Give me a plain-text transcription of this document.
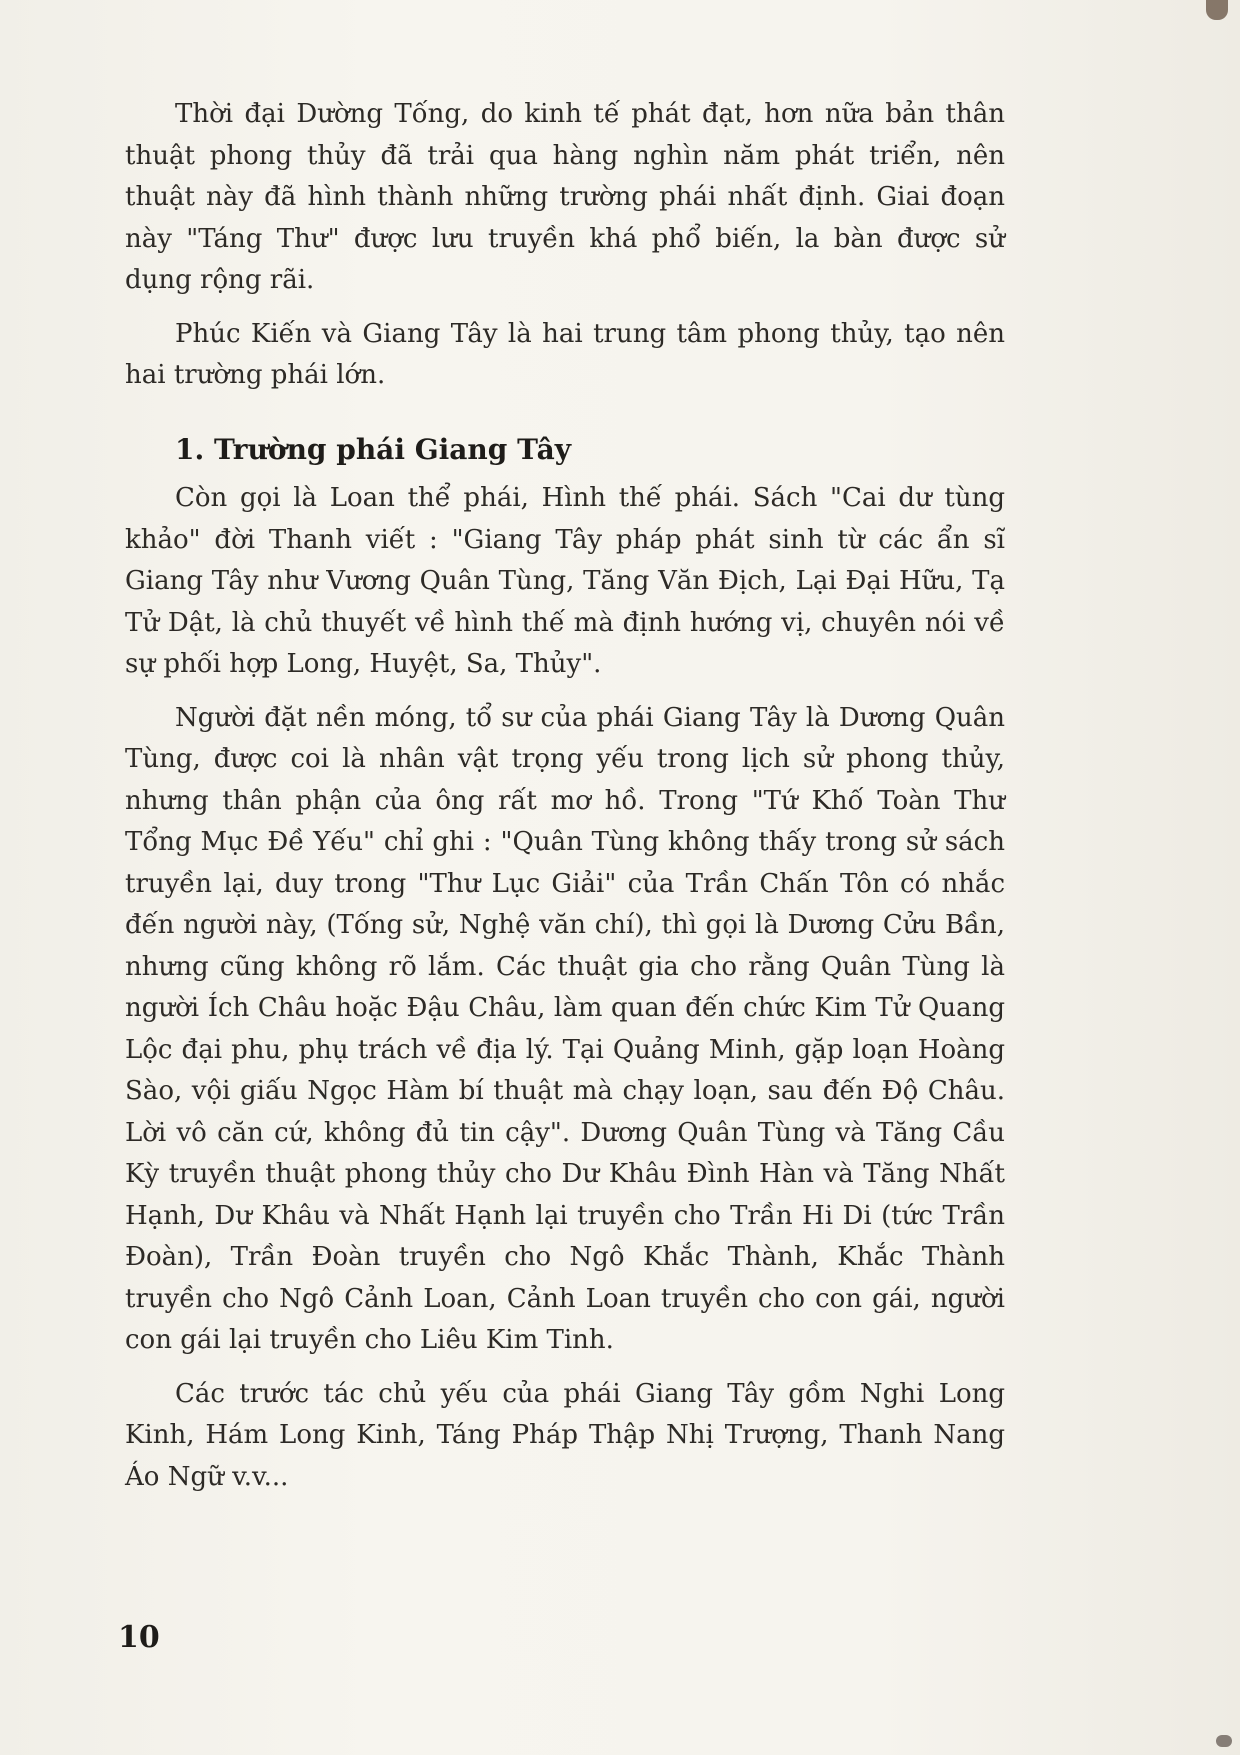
Thời đại Dường Tống, do kinh tế phát đạt, hơn nữa bản thân thuật phong thủy đã trải qua hàng nghìn năm phát triển, nên thuật này đã hình thành những trường phái nhất định. Giai đoạn này "Táng Thư" được lưu truyền khá phổ biến, la bàn được sử dụng rộng rãi.

Phúc Kiến và Giang Tây là hai trung tâm phong thủy, tạo nên hai trường phái lớn.

1. Trường phái Giang Tây

Còn gọi là Loan thể phái, Hình thế phái. Sách "Cai dư tùng khảo" đời Thanh viết : "Giang Tây pháp phát sinh từ các ẩn sĩ Giang Tây như Vương Quân Tùng, Tăng Văn Địch, Lại Đại Hữu, Tạ Tử Dật, là chủ thuyết về hình thế mà định hướng vị, chuyên nói về sự phối hợp Long, Huyệt, Sa, Thủy".

Người đặt nền móng, tổ sư của phái Giang Tây là Dương Quân Tùng, được coi là nhân vật trọng yếu trong lịch sử phong thủy, nhưng thân phận của ông rất mơ hồ. Trong "Tứ Khố Toàn Thư Tổng Mục Đề Yếu" chỉ ghi : "Quân Tùng không thấy trong sử sách truyền lại, duy trong "Thư Lục Giải" của Trần Chấn Tôn có nhắc đến người này, (Tống sử, Nghệ văn chí), thì gọi là Dương Cửu Bần, nhưng cũng không rõ lắm. Các thuật gia cho rằng Quân Tùng là người Ích Châu hoặc Đậu Châu, làm quan đến chức Kim Tử Quang Lộc đại phu, phụ trách về địa lý. Tại Quảng Minh, gặp loạn Hoàng Sào, vội giấu Ngọc Hàm bí thuật mà chạy loạn, sau đến Độ Châu. Lời vô căn cứ, không đủ tin cậy". Dương Quân Tùng và Tăng Cầu Kỳ truyền thuật phong thủy cho Dư Khâu Đình Hàn và Tăng Nhất Hạnh, Dư Khâu và Nhất Hạnh lại truyền cho Trần Hi Di (tức Trần Đoàn), Trần Đoàn truyền cho Ngô Khắc Thành, Khắc Thành truyền cho Ngô Cảnh Loan, Cảnh Loan truyền cho con gái, người con gái lại truyền cho Liêu Kim Tinh.

Các trước tác chủ yếu của phái Giang Tây gồm Nghi Long Kinh, Hám Long Kinh, Táng Pháp Thập Nhị Trượng, Thanh Nang Áo Ngữ v.v...

10
